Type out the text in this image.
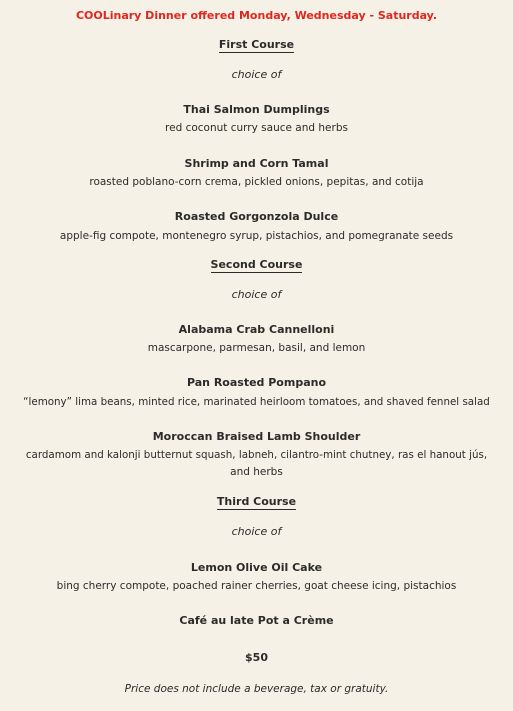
COOLinary Dinner offered Monday, Wednesday - Saturday.
First Course
choice of
Thai Salmon Dumplings
red coconut curry sauce and herbs
Shrimp and Corn Tamal
roasted poblano-corn crema, pickled onions, pepitas, and cotija
Roasted Gorgonzola Dulce
apple-fig compote, montenegro syrup, pistachios, and pomegranate seeds
Second Course
choice of
Alabama Crab Cannelloni
mascarpone, parmesan, basil, and lemon
Pan Roasted Pompano
“lemony” lima beans, minted rice, marinated heirloom tomatoes, and shaved fennel salad
Moroccan Braised Lamb Shoulder
cardamom and kalonji butternut squash, labneh, cilantro-mint chutney, ras el hanout jús,
and herbs
Third Course
choice of
Lemon Olive Oil Cake
bing cherry compote, poached rainer cherries, goat cheese icing, pistachios
Café au late Pot a Crème
$50
Price does not include a beverage, tax or gratuity.
